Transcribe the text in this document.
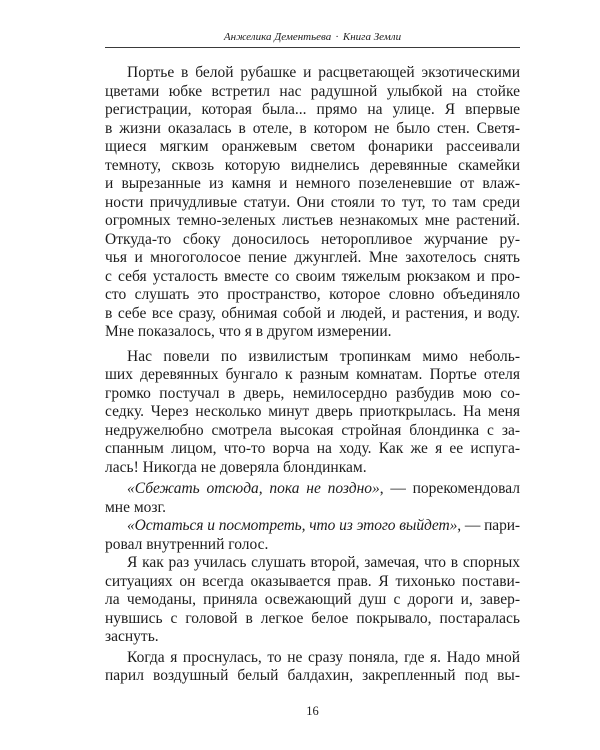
Анжелика Дементьева · Книга Земли
Портье в белой рубашке и расцветающей экзотическими
цветами юбке встретил нас радушной улыбкой на стойке
регистрации, которая была... прямо на улице. Я впервые
в жизни оказалась в отеле, в котором не было стен. Светя-
щиеся мягким оранжевым светом фонарики рассеивали
темноту, сквозь которую виднелись деревянные скамейки
и вырезанные из камня и немного позеленевшие от влаж-
ности причудливые статуи. Они стояли то тут, то там среди
огромных темно-зеленых листьев незнакомых мне растений.
Откуда-то сбоку доносилось неторопливое журчание ру-
чья и многоголосое пение джунглей. Мне захотелось снять
с себя усталость вместе со своим тяжелым рюкзаком и про-
сто слушать это пространство, которое словно объединяло
в себе все сразу, обнимая собой и людей, и растения, и воду.
Мне показалось, что я в другом измерении.
Нас повели по извилистым тропинкам мимо неболь-
ших деревянных бунгало к разным комнатам. Портье отеля
громко постучал в дверь, немилосердно разбудив мою со-
седку. Через несколько минут дверь приоткрылась. На меня
недружелюбно смотрела высокая стройная блондинка с за-
спанным лицом, что-то ворча на ходу. Как же я ее испуга-
лась! Никогда не доверяла блондинкам.
«Сбежать отсюда, пока не поздно», — порекомендовал
мне мозг.
«Остаться и посмотреть, что из этого выйдет», — пари-
ровал внутренний голос.
Я как раз училась слушать второй, замечая, что в спорных
ситуациях он всегда оказывается прав. Я тихонько постави-
ла чемоданы, приняла освежающий душ с дороги и, завер-
нувшись с головой в легкое белое покрывало, постаралась
заснуть.
Когда я проснулась, то не сразу поняла, где я. Надо мной
парил воздушный белый балдахин, закрепленный под вы-
16
